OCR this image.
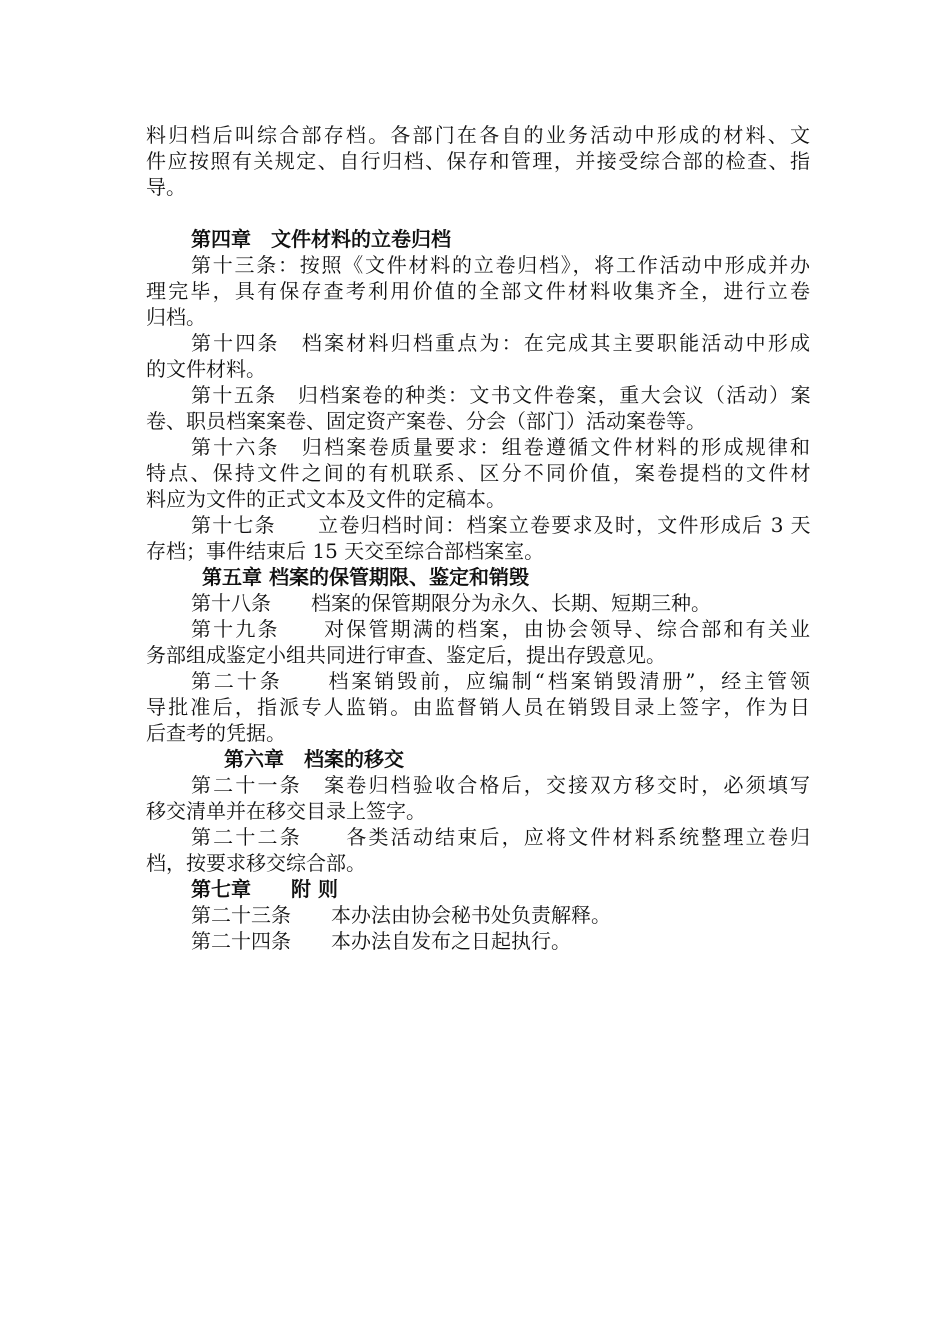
料归档后叫综合部存档。各部门在各自的业务活动中形成的材料、文
件应按照有关规定、自行归档、保存和管理，并接受综合部的检查、指
导。
第四章　文件材料的立卷归档
第十三条：按照《文件材料的立卷归档》，将工作活动中形成并办
理完毕，具有保存查考利用价值的全部文件材料收集齐全，进行立卷
归档。
第十四条　档案材料归档重点为：在完成其主要职能活动中形成
的文件材料。
第十五条　归档案卷的种类：文书文件卷案，重大会议（活动）案
卷、职员档案案卷、固定资产案卷、分会（部门）活动案卷等。
第十六条　归档案卷质量要求：组卷遵循文件材料的形成规律和
特点、保持文件之间的有机联系、区分不同价值，案卷提档的文件材
料应为文件的正式文本及文件的定稿本。
第十七条　　立卷归档时间：档案立卷要求及时，文件形成后 3 天
存档；事件结束后 15 天交至综合部档案室。
第五章 档案的保管期限、鉴定和销毁
第十八条　　档案的保管期限分为永久、长期、短期三种。
第十九条　　对保管期满的档案，由协会领导、综合部和有关业
务部组成鉴定小组共同进行审查、鉴定后，提出存毁意见。
第二十条　　档案销毁前，应编制“档案销毁清册”，经主管领
导批准后，指派专人监销。由监督销人员在销毁目录上签字，作为日
后查考的凭据。
第六章　档案的移交
第二十一条　案卷归档验收合格后，交接双方移交时，必须填写
移交清单并在移交目录上签字。
第二十二条　　各类活动结束后，应将文件材料系统整理立卷归
档，按要求移交综合部。
第七章　　附 则
第二十三条　　本办法由协会秘书处负责解释。
第二十四条　　本办法自发布之日起执行。
